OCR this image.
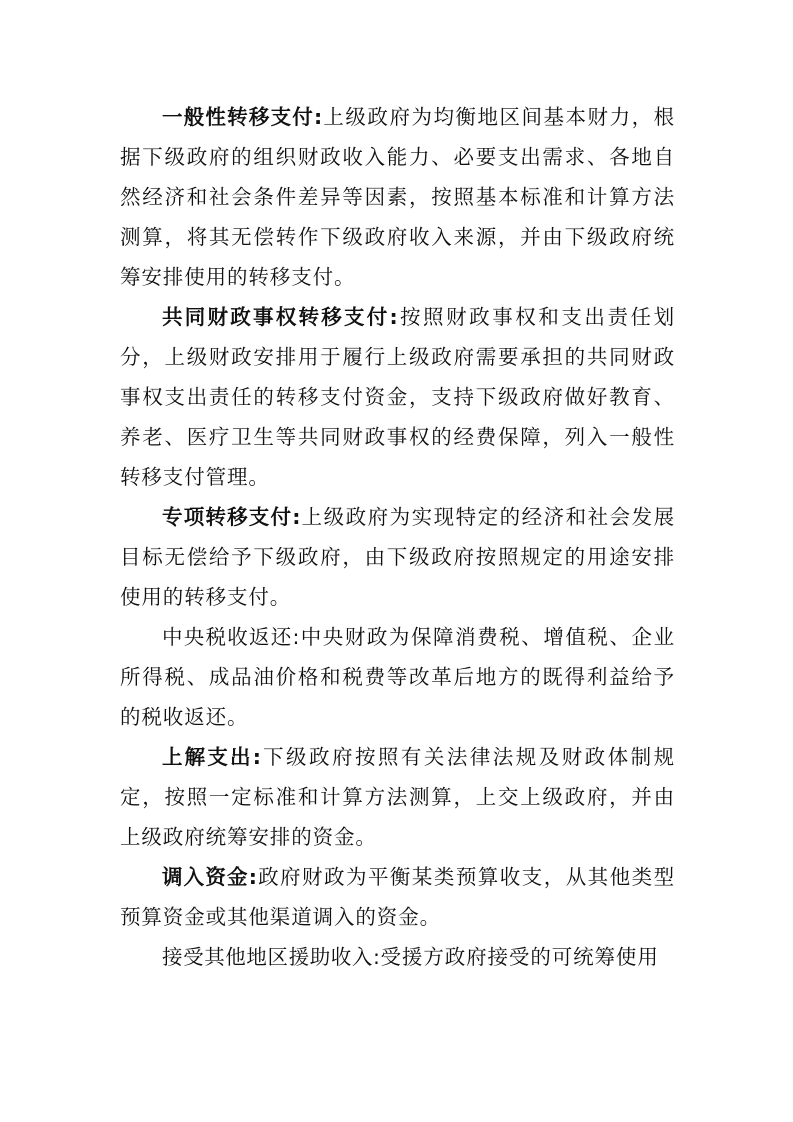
一般性转移支付:上级政府为均衡地区间基本财力，根据下级政府的组织财政收入能力、必要支出需求、各地自然经济和社会条件差异等因素，按照基本标准和计算方法测算，将其无偿转作下级政府收入来源，并由下级政府统筹安排使用的转移支付。

共同财政事权转移支付:按照财政事权和支出责任划分，上级财政安排用于履行上级政府需要承担的共同财政事权支出责任的转移支付资金，支持下级政府做好教育、养老、医疗卫生等共同财政事权的经费保障，列入一般性转移支付管理。

专项转移支付:上级政府为实现特定的经济和社会发展目标无偿给予下级政府，由下级政府按照规定的用途安排使用的转移支付。

中央税收返还:中央财政为保障消费税、增值税、企业所得税、成品油价格和税费等改革后地方的既得利益给予的税收返还。

上解支出:下级政府按照有关法律法规及财政体制规定，按照一定标准和计算方法测算，上交上级政府，并由上级政府统筹安排的资金。

调入资金:政府财政为平衡某类预算收支，从其他类型预算资金或其他渠道调入的资金。

接受其他地区援助收入:受援方政府接受的可统筹使用
